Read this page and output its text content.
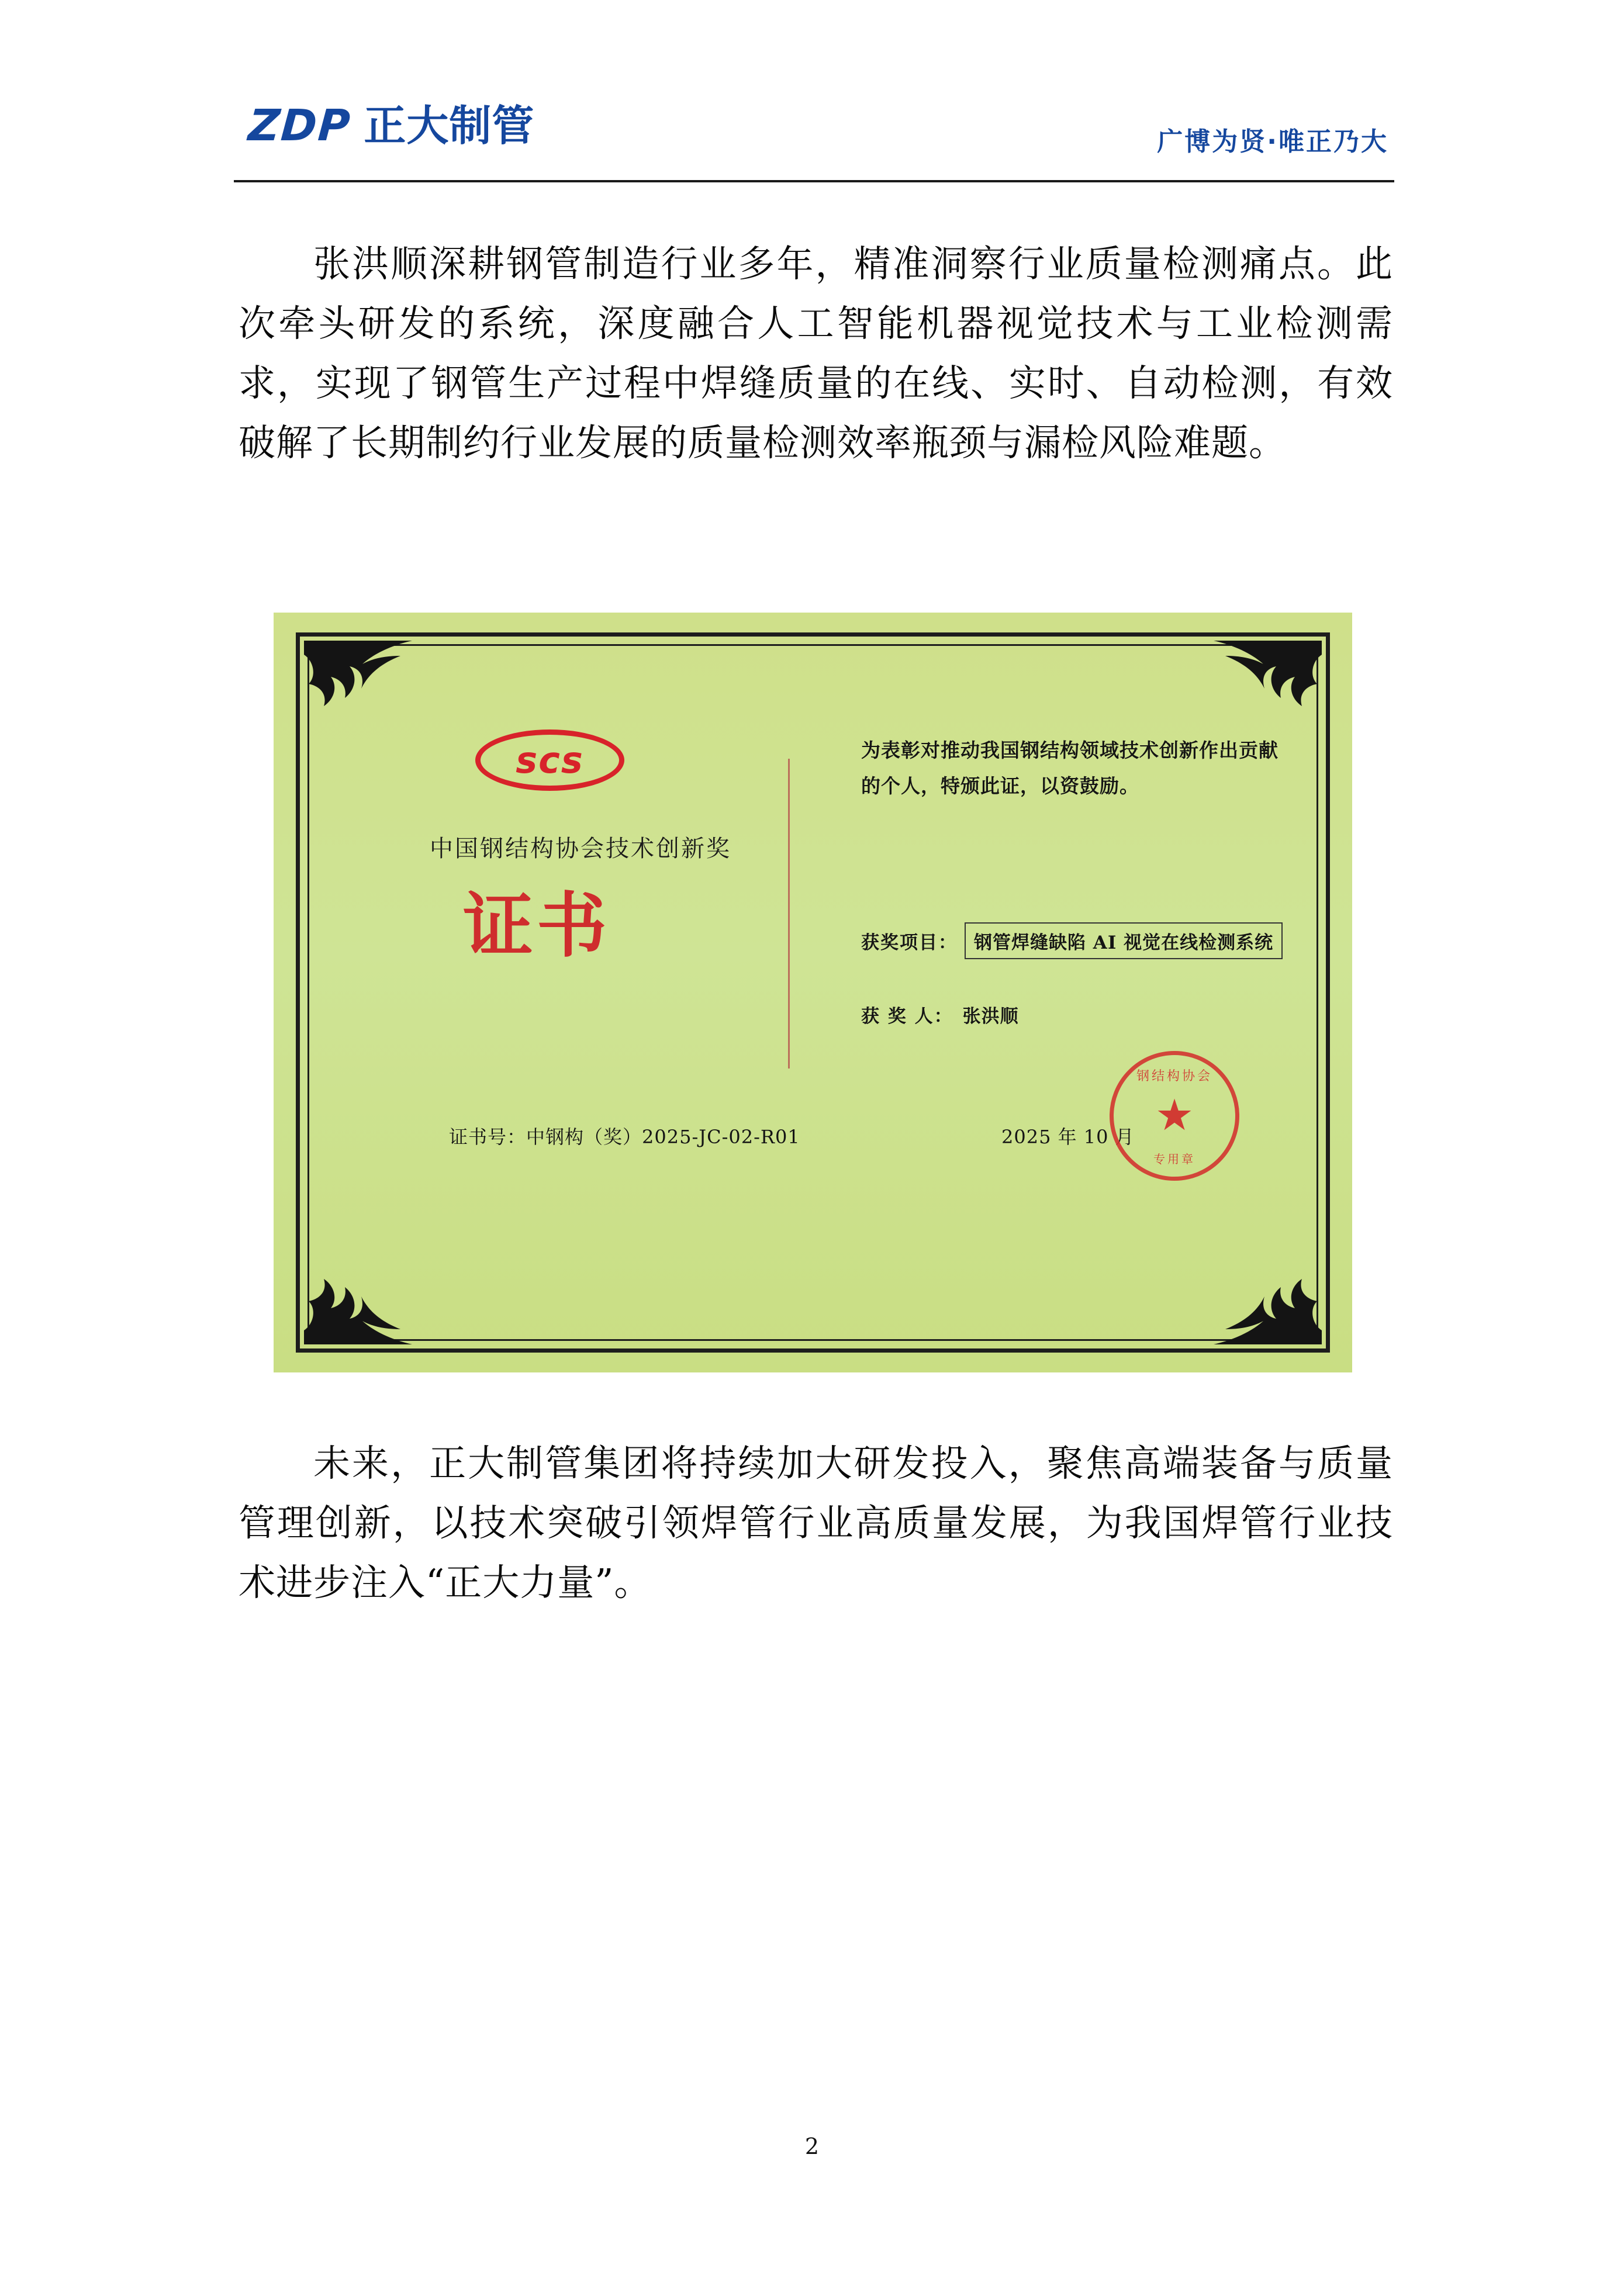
ZDP 正大制管	广博为贤·唯正乃大

张洪顺深耕钢管制造行业多年，精准洞察行业质量检测痛点。此次牵头研发的系统，深度融合人工智能机器视觉技术与工业检测需求，实现了钢管生产过程中焊缝质量的在线、实时、自动检测，有效破解了长期制约行业发展的质量检测效率瓶颈与漏检风险难题。

scs
中国钢结构协会技术创新奖
证书
为表彰对推动我国钢结构领域技术创新作出贡献的个人，特颁此证，以资鼓励。
获奖项目： 钢管焊缝缺陷 AI 视觉在线检测系统
获 奖 人： 张洪顺
证书号：中钢构（奖）2025-JC-02-R01	2025 年 10 月
钢结构协会
★
专用章

未来，正大制管集团将持续加大研发投入，聚焦高端装备与质量管理创新，以技术突破引领焊管行业高质量发展，为我国焊管行业技术进步注入“正大力量”。

2
